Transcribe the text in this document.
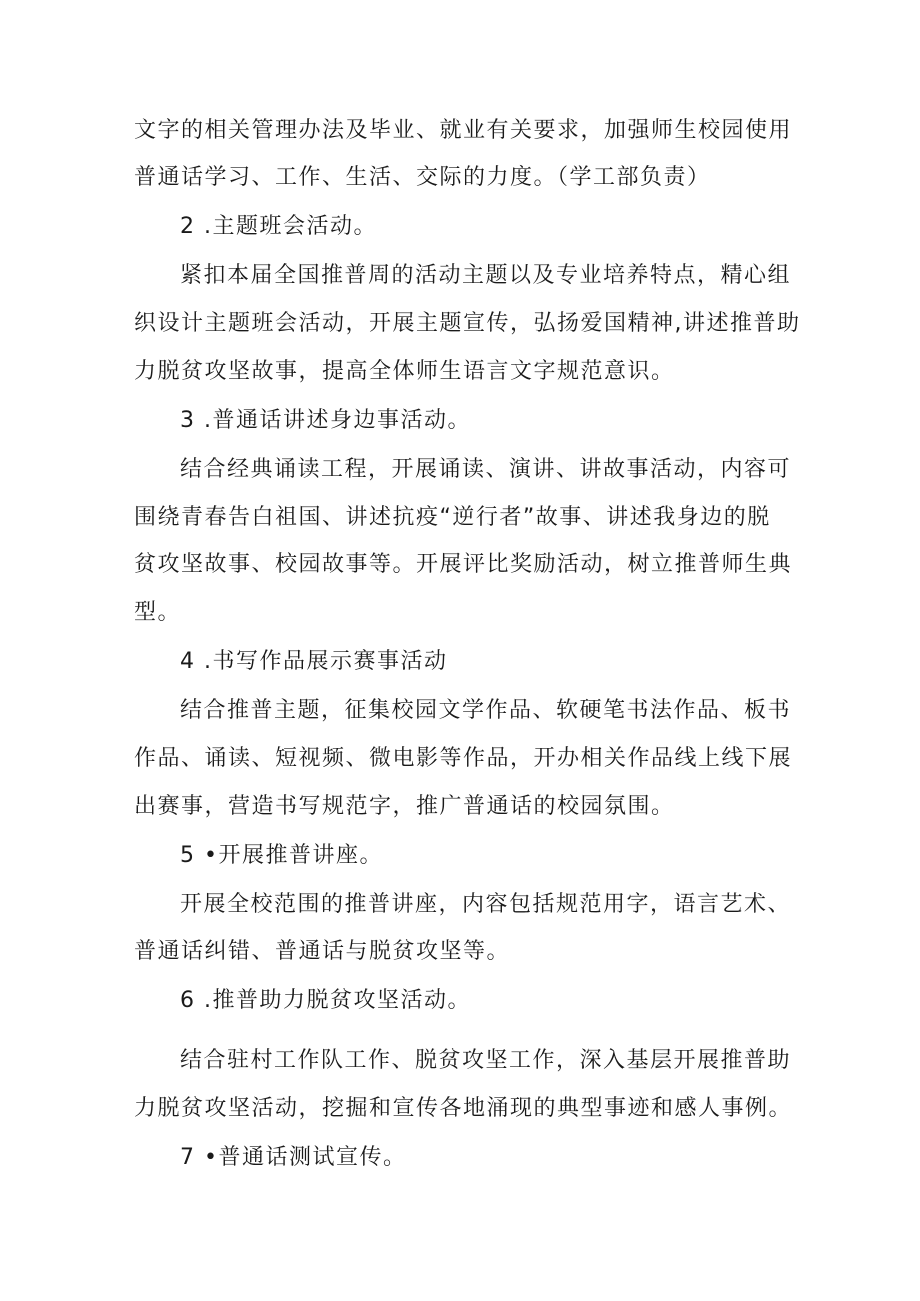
文字的相关管理办法及毕业、就业有关要求，加强师生校园使用
普通话学习、工作、生活、交际的力度。（学工部负责）
2 .主题班会活动。
紧扣本届全国推普周的活动主题以及专业培养特点，精心组
织设计主题班会活动，开展主题宣传，弘扬爱国精神,讲述推普助
力脱贫攻坚故事，提高全体师生语言文字规范意识。
3 .普通话讲述身边事活动。
结合经典诵读工程，开展诵读、演讲、讲故事活动，内容可
围绕青春告白祖国、讲述抗疫“逆行者”故事、讲述我身边的脱
贫攻坚故事、校园故事等。开展评比奖励活动，树立推普师生典
型。
4 .书写作品展示赛事活动
结合推普主题，征集校园文学作品、软硬笔书法作品、板书
作品、诵读、短视频、微电影等作品，开办相关作品线上线下展
出赛事，营造书写规范字，推广普通话的校园氛围。
5 •开展推普讲座。
开展全校范围的推普讲座，内容包括规范用字，语言艺术、
普通话纠错、普通话与脱贫攻坚等。
6 .推普助力脱贫攻坚活动。
结合驻村工作队工作、脱贫攻坚工作，深入基层开展推普助
力脱贫攻坚活动，挖掘和宣传各地涌现的典型事迹和感人事例。
7 •普通话测试宣传。
